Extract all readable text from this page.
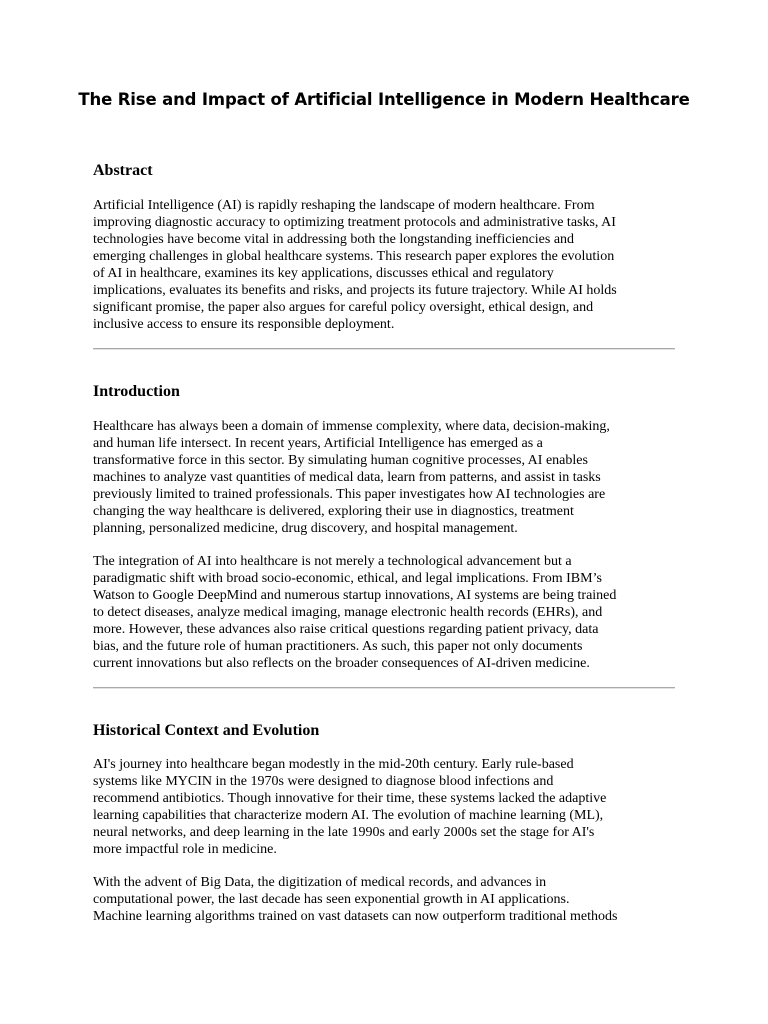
The Rise and Impact of Artificial Intelligence in Modern Healthcare
Abstract

Artificial Intelligence (AI) is rapidly reshaping the landscape of modern healthcare. From
improving diagnostic accuracy to optimizing treatment protocols and administrative tasks, AI
technologies have become vital in addressing both the longstanding inefficiencies and
emerging challenges in global healthcare systems. This research paper explores the evolution
of AI in healthcare, examines its key applications, discusses ethical and regulatory
implications, evaluates its benefits and risks, and projects its future trajectory. While AI holds
significant promise, the paper also argues for careful policy oversight, ethical design, and
inclusive access to ensure its responsible deployment.

Introduction

Healthcare has always been a domain of immense complexity, where data, decision-making,
and human life intersect. In recent years, Artificial Intelligence has emerged as a
transformative force in this sector. By simulating human cognitive processes, AI enables
machines to analyze vast quantities of medical data, learn from patterns, and assist in tasks
previously limited to trained professionals. This paper investigates how AI technologies are
changing the way healthcare is delivered, exploring their use in diagnostics, treatment
planning, personalized medicine, drug discovery, and hospital management.

The integration of AI into healthcare is not merely a technological advancement but a
paradigmatic shift with broad socio-economic, ethical, and legal implications. From IBM’s
Watson to Google DeepMind and numerous startup innovations, AI systems are being trained
to detect diseases, analyze medical imaging, manage electronic health records (EHRs), and
more. However, these advances also raise critical questions regarding patient privacy, data
bias, and the future role of human practitioners. As such, this paper not only documents
current innovations but also reflects on the broader consequences of AI-driven medicine.

Historical Context and Evolution

AI's journey into healthcare began modestly in the mid-20th century. Early rule-based
systems like MYCIN in the 1970s were designed to diagnose blood infections and
recommend antibiotics. Though innovative for their time, these systems lacked the adaptive
learning capabilities that characterize modern AI. The evolution of machine learning (ML),
neural networks, and deep learning in the late 1990s and early 2000s set the stage for AI's
more impactful role in medicine.

With the advent of Big Data, the digitization of medical records, and advances in
computational power, the last decade has seen exponential growth in AI applications.
Machine learning algorithms trained on vast datasets can now outperform traditional methods
